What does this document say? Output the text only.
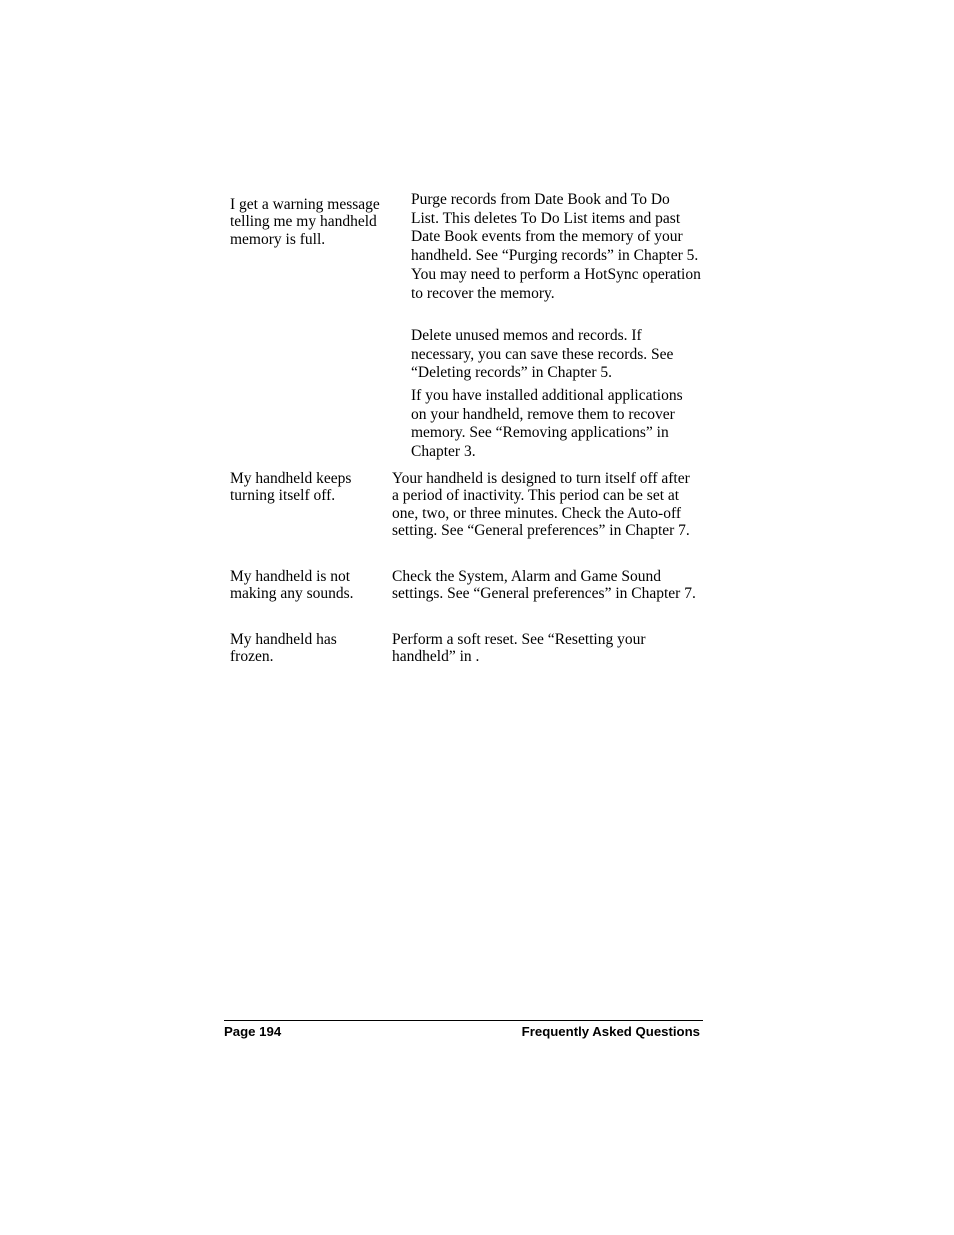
I get a warning message telling me my handheld memory is full.

Purge records from Date Book and To Do List. This deletes To Do List items and past Date Book events from the memory of your handheld. See “Purging records” in Chapter 5. You may need to perform a HotSync operation to recover the memory.

Delete unused memos and records. If necessary, you can save these records. See “Deleting records” in Chapter 5.

If you have installed additional applications on your handheld, remove them to recover memory. See “Removing applications” in Chapter 3.

My handheld keeps turning itself off.

Your handheld is designed to turn itself off after a period of inactivity. This period can be set at one, two, or three minutes. Check the Auto-off setting. See “General preferences” in Chapter 7.

My handheld is not making any sounds.

Check the System, Alarm and Game Sound settings. See “General preferences” in Chapter 7.

My handheld has frozen.

Perform a soft reset. See “Resetting your handheld” in .

Page 194	Frequently Asked Questions
